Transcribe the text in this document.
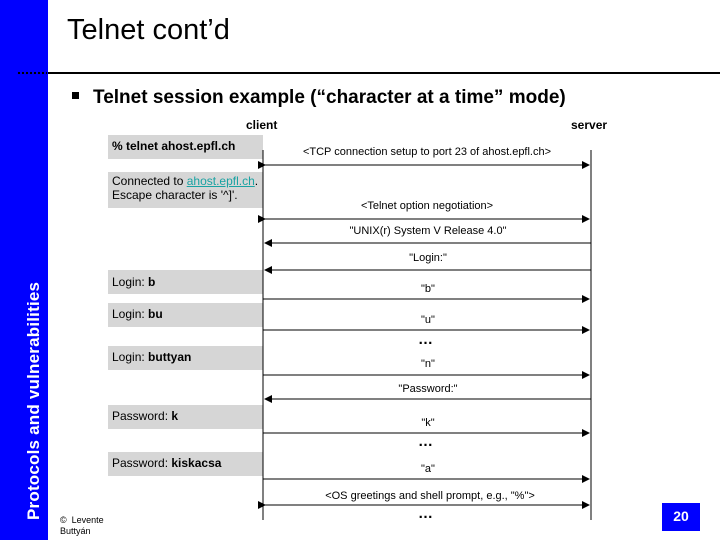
Protocols and vulnerabilities
Telnet cont’d
Telnet session example (“character at a time” mode)
client	server
% telnet ahost.epfl.ch
Connected to ahost.epfl.ch.
Escape character is '^]'.
Login: b
Login: bu
Login: buttyan
Password: k
Password: kiskacsa
<TCP connection setup to port 23 of ahost.epfl.ch>
<Telnet option negotiation>
"UNIX(r) System V Release 4.0"
"Login:"
"b"
"u"
…
"n"
"Password:"
"k"
…
"a"
<OS greetings and shell prompt, e.g., "%">
…
© Levente Buttyán
20
